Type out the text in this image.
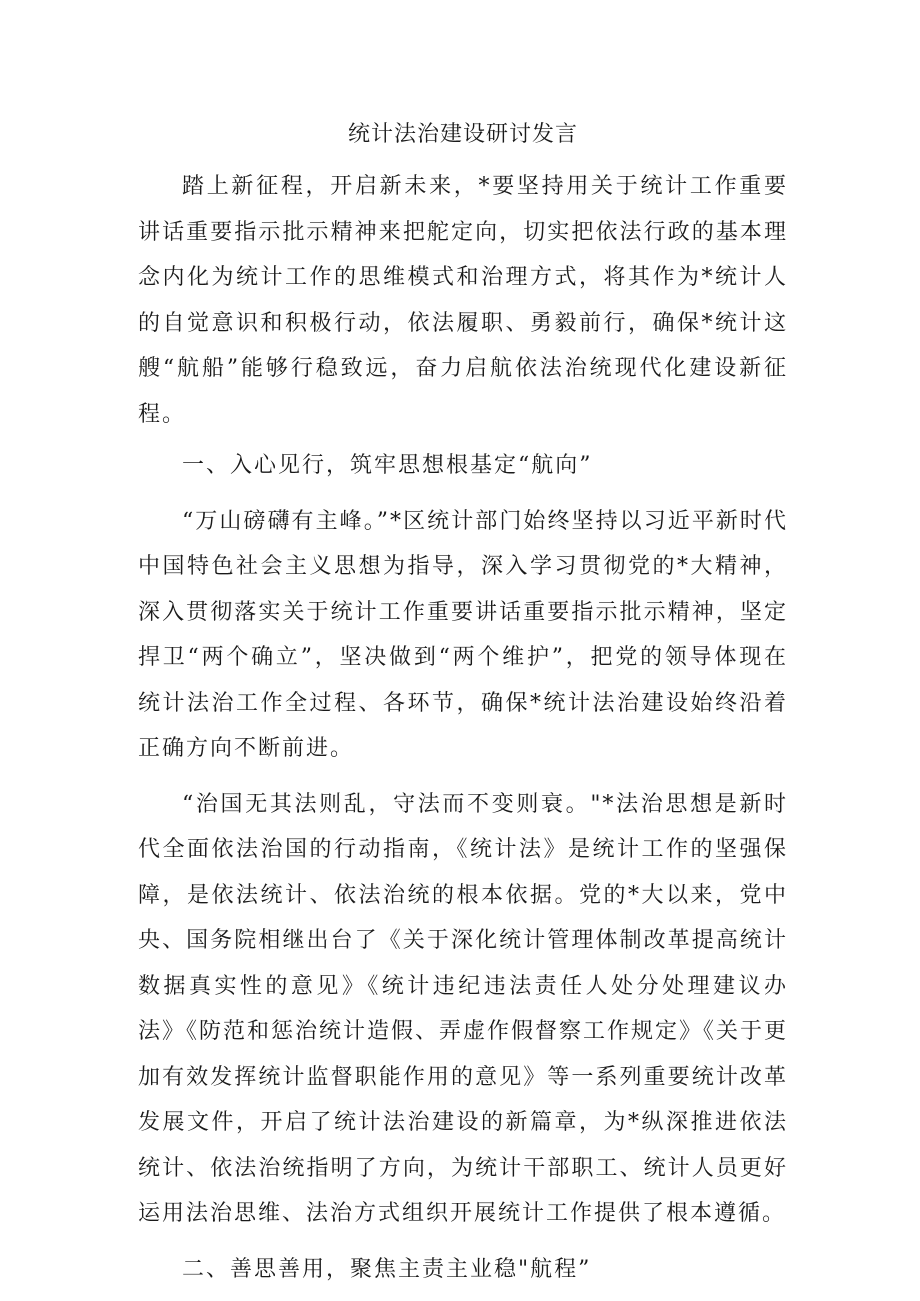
统计法治建设研讨发言

踏上新征程，开启新未来，*要坚持用关于统计工作重要讲话重要指示批示精神来把舵定向，切实把依法行政的基本理念内化为统计工作的思维模式和治理方式，将其作为*统计人的自觉意识和积极行动，依法履职、勇毅前行，确保*统计这艘“航船”能够行稳致远，奋力启航依法治统现代化建设新征程。

一、入心见行，筑牢思想根基定“航向”

“万山磅礴有主峰。”*区统计部门始终坚持以习近平新时代中国特色社会主义思想为指导，深入学习贯彻党的*大精神，深入贯彻落实关于统计工作重要讲话重要指示批示精神，坚定捍卫“两个确立”，坚决做到“两个维护”，把党的领导体现在统计法治工作全过程、各环节，确保*统计法治建设始终沿着正确方向不断前进。

“治国无其法则乱，守法而不变则衰。"*法治思想是新时代全面依法治国的行动指南，《统计法》是统计工作的坚强保障，是依法统计、依法治统的根本依据。党的*大以来，党中央、国务院相继出台了《关于深化统计管理体制改革提高统计数据真实性的意见》《统计违纪违法责任人处分处理建议办法》《防范和惩治统计造假、弄虚作假督察工作规定》《关于更加有效发挥统计监督职能作用的意见》等一系列重要统计改革发展文件，开启了统计法治建设的新篇章，为*纵深推进依法统计、依法治统指明了方向，为统计干部职工、统计人员更好运用法治思维、法治方式组织开展统计工作提供了根本遵循。

二、善思善用，聚焦主责主业稳"航程”
